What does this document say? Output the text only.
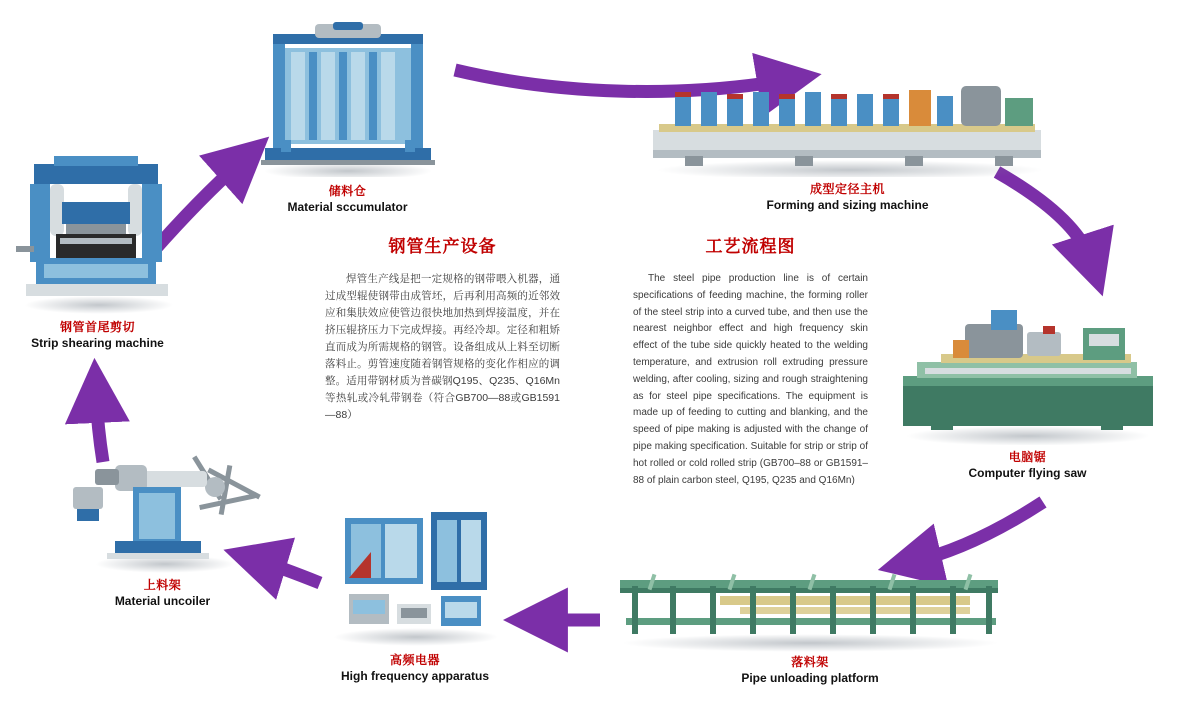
储料仓
Material sccumulator
成型定径主机
Forming and sizing machine
电脑锯
Computer flying saw
落料架
Pipe unloading platform
高频电器
High frequency apparatus
上料架
Material uncoiler
钢管首尾剪切
Strip shearing machine
钢管生产设备

焊管生产线是把一定规格的钢带喂入机器，通过成型辊使钢带由成管坯，后再利用高频的近邻效应和集肤效应使管边很快地加热到焊接温度，并在挤压辊挤压力下完成焊接。再经冷却。定径和粗矫直而成为所需规格的钢管。设备组成从上料至切断落料止。剪管速度随着钢管规格的变化作相应的调整。适用带钢材质为普碳钢Q195、Q235、Q16Mn等热轧或冷轧带钢卷（符合GB700—88或GB1591—88）

工艺流程图

The steel pipe production line is of certain specifications of feeding machine, the forming roller of the steel strip into a curved tube, and then use the nearest neighbor effect and high frequency skin effect of the tube side quickly heated to the welding temperature, and extrusion roll extruding pressure welding, after cooling, sizing and rough straightening as for steel pipe specifications. The equipment is made up of feeding to cutting and blanking, and the speed of pipe making is adjusted with the change of pipe making specification. Suitable for strip or strip of hot rolled or cold rolled strip (GB700–88 or GB1591–88 of plain carbon steel, Q195, Q235 and Q16Mn)
